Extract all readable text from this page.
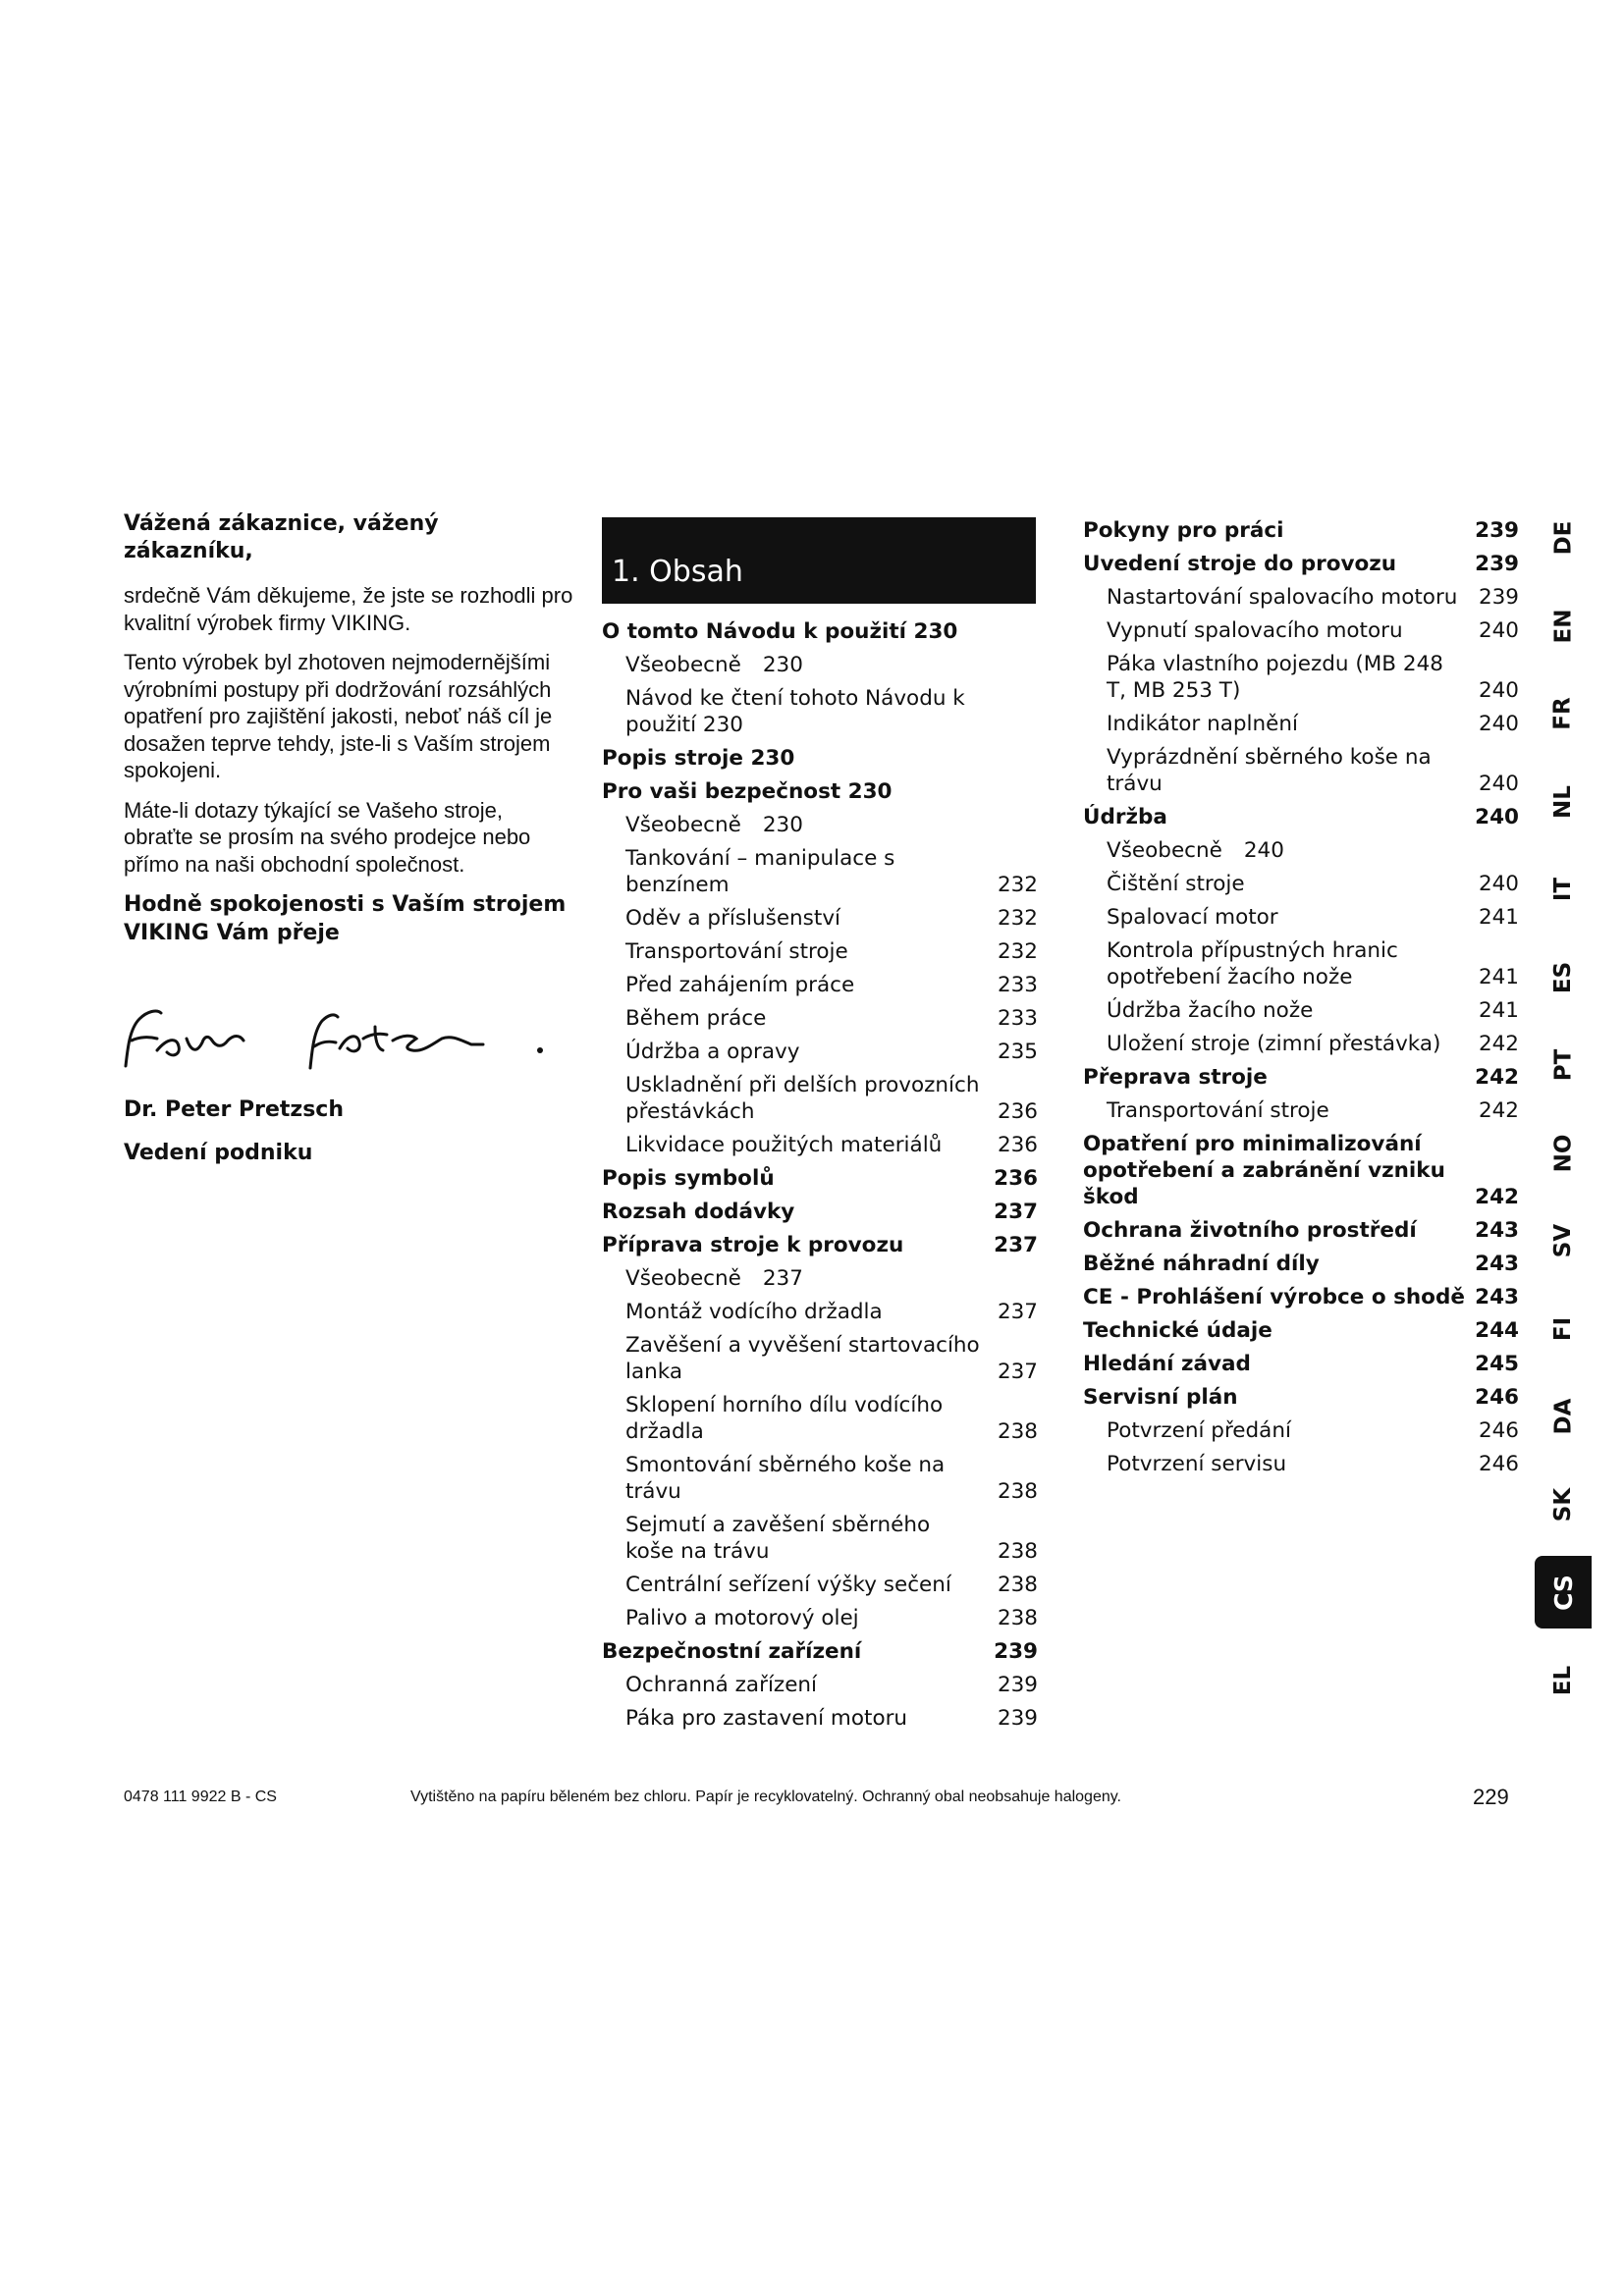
Vážená zákaznice, vážený zákazníku,

srdečně Vám děkujeme, že jste se rozhodli pro kvalitní výrobek firmy VIKING.

Tento výrobek byl zhotoven nejmodernějšími výrobními postupy při dodržování rozsáhlých opatření pro zajištění jakosti, neboť náš cíl je dosažen teprve tehdy, jste-li s Vaším strojem spokojeni.

Máte-li dotazy týkající se Vašeho stroje, obraťte se prosím na svého prodejce nebo přímo na naši obchodní společnost.

Hodně spokojenosti s Vaším strojem VIKING Vám přeje

Dr. Peter Pretzsch
Vedení podniku
1. Obsah
O tomto Návodu k použití 230
Všeobecně 230
Návod ke čtení tohoto Návodu k použití 230
Popis stroje 230
Pro vaši bezpečnost 230
Všeobecně 230
Tankování – manipulace s benzínem	232
Oděv a příslušenství	232
Transportování stroje	232
Před zahájením práce	233
Během práce	233
Údržba a opravy	235
Uskladnění při delších provozních přestávkách	236
Likvidace použitých materiálů	236
Popis symbolů	236
Rozsah dodávky	237
Příprava stroje k provozu	237
Všeobecně 237
Montáž vodícího držadla	237
Zavěšení a vyvěšení startovacího lanka	237
Sklopení horního dílu vodícího držadla	238
Smontování sběrného koše na trávu	238
Sejmutí a zavěšení sběrného koše na trávu	238
Centrální seřízení výšky sečení	238
Palivo a motorový olej	238
Bezpečnostní zařízení	239
Ochranná zařízení	239
Páka pro zastavení motoru	239
Pokyny pro práci	239
Uvedení stroje do provozu	239
Nastartování spalovacího motoru	239
Vypnutí spalovacího motoru	240
Páka vlastního pojezdu (MB 248 T, MB 253 T)	240
Indikátor naplnění	240
Vyprázdnění sběrného koše na trávu	240
Údržba	240
Všeobecně 240
Čištění stroje	240
Spalovací motor	241
Kontrola přípustných hranic opotřebení žacího nože	241
Údržba žacího nože	241
Uložení stroje (zimní přestávka)	242
Přeprava stroje	242
Transportování stroje	242
Opatření pro minimalizování opotřebení a zabránění vzniku škod	242
Ochrana životního prostředí	243
Běžné náhradní díly	243
CE - Prohlášení výrobce o shodě 243
Technické údaje	244
Hledání závad	245
Servisní plán	246
Potvrzení předání	246
Potvrzení servisu	246
DE
EN
FR
NL
IT
ES
PT
NO
SV
FI
DA
SK
CS
EL
0478 111 9922 B - CS	Vytištěno na papíru běleném bez chloru. Papír je recyklovatelný. Ochranný obal neobsahuje halogeny.	229
